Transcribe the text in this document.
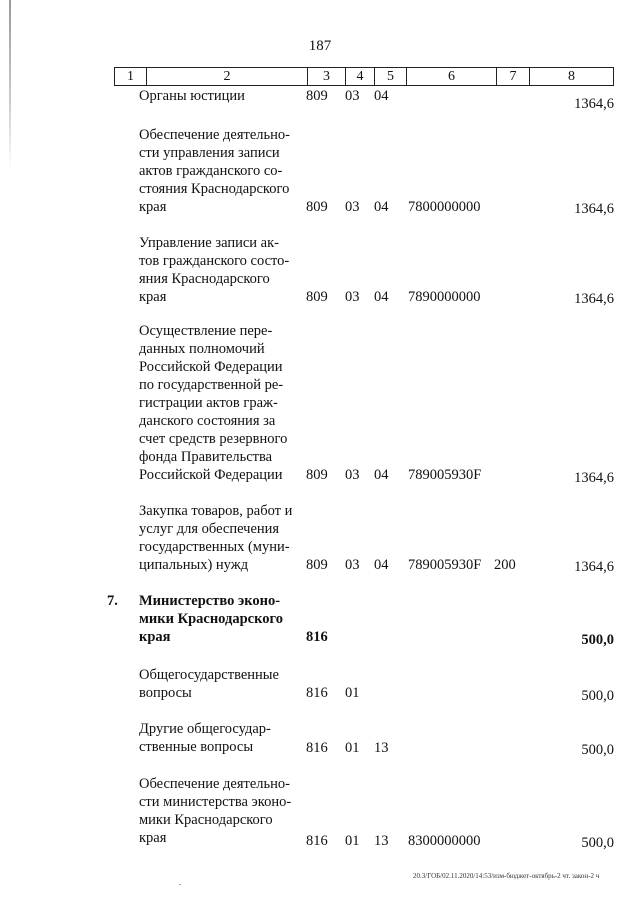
187
1	2	3	4	5	6	7	8
Органы юстиции	809 03 04	1364,6
Обеспечение деятельно-
сти управления записи
актов гражданского со-
стояния Краснодарского
края	809 03 04 7800000000	1364,6
Управление записи ак-
тов гражданского состо-
яния Краснодарского
края	809 03 04 7890000000	1364,6
Осуществление пере-
данных полномочий
Российской Федерации
по государственной ре-
гистрации актов граж-
данского состояния за
счет средств резервного
фонда Правительства
Российской Федерации	809 03 04 789005930F	1364,6
Закупка товаров, работ и
услуг для обеспечения
государственных (муни-
ципальных) нужд	809 03 04 789005930F 200	1364,6
7. Министерство эконо-
мики Краснодарского
края	816	500,0
Общегосударственные
вопросы	816 01	500,0
Другие общегосудар-
ственные вопросы	816 01 13	500,0
Обеспечение деятельно-
сти министерства эконо-
мики Краснодарского
края	816 01 13 8300000000	500,0
20.3/ГОБ/02.11.2020/14:53/изм-бюджет-октябрь-2 чт. закон-2 ч
